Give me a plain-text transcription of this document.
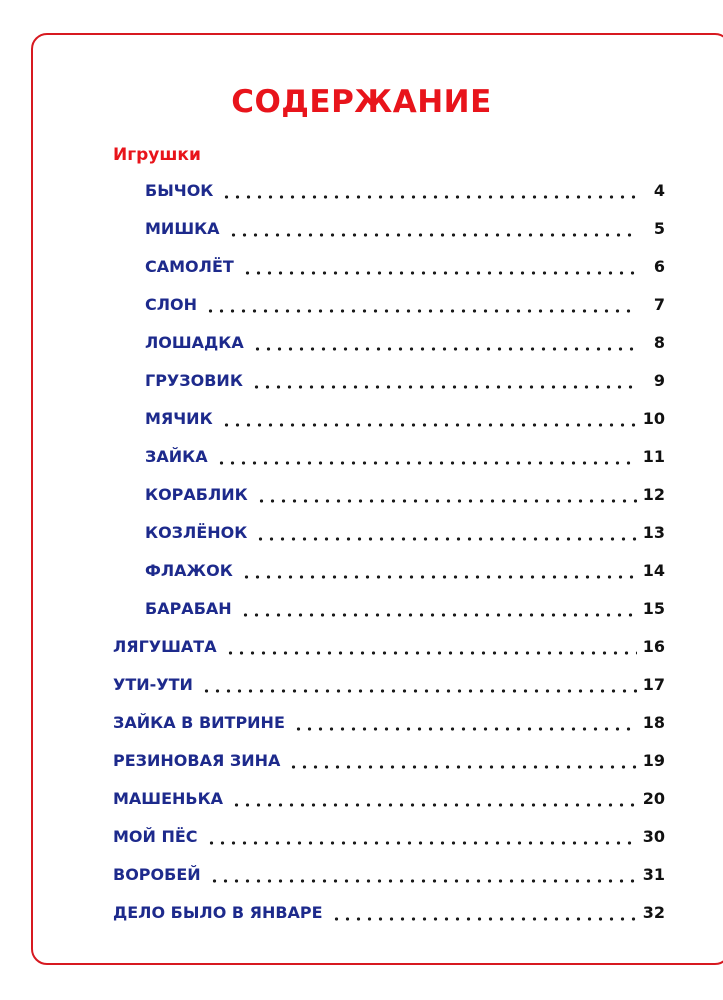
СОДЕРЖАНИЕ
Игрушки
БЫЧОК	4
МИШКА	5
САМОЛЁТ	6
СЛОН	7
ЛОШАДКА	8
ГРУЗОВИК	9
МЯЧИК	10
ЗАЙКА	11
КОРАБЛИК	12
КОЗЛЁНОК	13
ФЛАЖОК	14
БАРАБАН	15
ЛЯГУШАТА	16
УТИ-УТИ	17
ЗАЙКА В ВИТРИНЕ	18
РЕЗИНОВАЯ ЗИНА	19
МАШЕНЬКА	20
МОЙ ПЁС	30
ВОРОБЕЙ	31
ДЕЛО БЫЛО В ЯНВАРЕ	32
